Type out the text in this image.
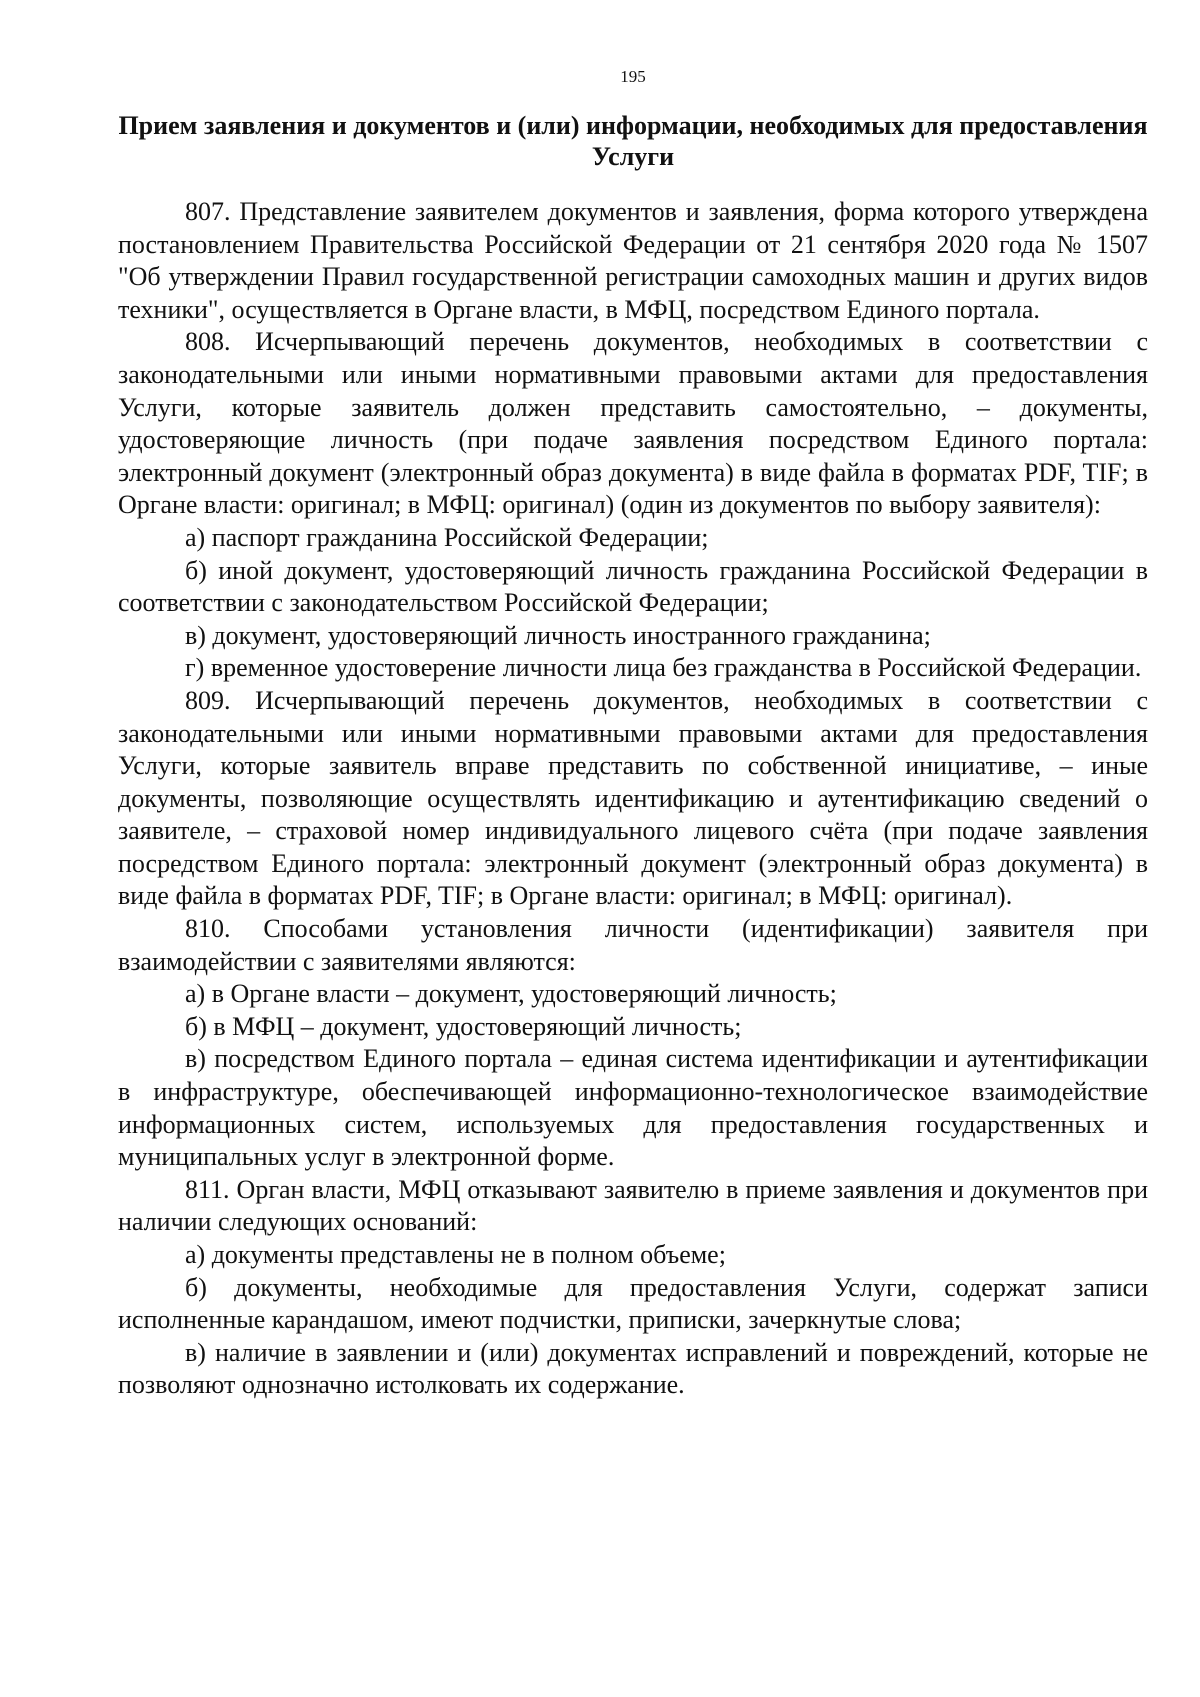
195
Прием заявления и документов и (или) информации, необходимых для предоставления Услуги

807. Представление заявителем документов и заявления, форма которого утверждена постановлением Правительства Российской Федерации от 21 сентября 2020 года № 1507 "Об утверждении Правил государственной регистрации самоходных машин и других видов техники", осуществляется в Органе власти, в МФЦ, посредством Единого портала.

808. Исчерпывающий перечень документов, необходимых в соответствии с законодательными или иными нормативными правовыми актами для предоставления Услуги, которые заявитель должен представить самостоятельно, – документы, удостоверяющие личность (при подаче заявления посредством Единого портала: электронный документ (электронный образ документа) в виде файла в форматах PDF, TIF; в Органе власти: оригинал; в МФЦ: оригинал) (один из документов по выбору заявителя):

а) паспорт гражданина Российской Федерации;

б) иной документ, удостоверяющий личность гражданина Российской Федерации в соответствии с законодательством Российской Федерации;

в) документ, удостоверяющий личность иностранного гражданина;

г) временное удостоверение личности лица без гражданства в Российской Федерации.

809. Исчерпывающий перечень документов, необходимых в соответствии с законодательными или иными нормативными правовыми актами для предоставления Услуги, которые заявитель вправе представить по собственной инициативе, – иные документы, позволяющие осуществлять идентификацию и аутентификацию сведений о заявителе, – страховой номер индивидуального лицевого счёта (при подаче заявления посредством Единого портала: электронный документ (электронный образ документа) в виде файла в форматах PDF, TIF; в Органе власти: оригинал; в МФЦ: оригинал).

810. Способами установления личности (идентификации) заявителя при взаимодействии с заявителями являются:

а) в Органе власти – документ, удостоверяющий личность;

б) в МФЦ – документ, удостоверяющий личность;

в) посредством Единого портала – единая система идентификации и аутентификации в инфраструктуре, обеспечивающей информационно-технологическое взаимодействие информационных систем, используемых для предоставления государственных и муниципальных услуг в электронной форме.

811. Орган власти, МФЦ отказывают заявителю в приеме заявления и документов при наличии следующих оснований:

а) документы представлены не в полном объеме;

б) документы, необходимые для предоставления Услуги, содержат записи исполненные карандашом, имеют подчистки, приписки, зачеркнутые слова;

в) наличие в заявлении и (или) документах исправлений и повреждений, которые не позволяют однозначно истолковать их содержание.
